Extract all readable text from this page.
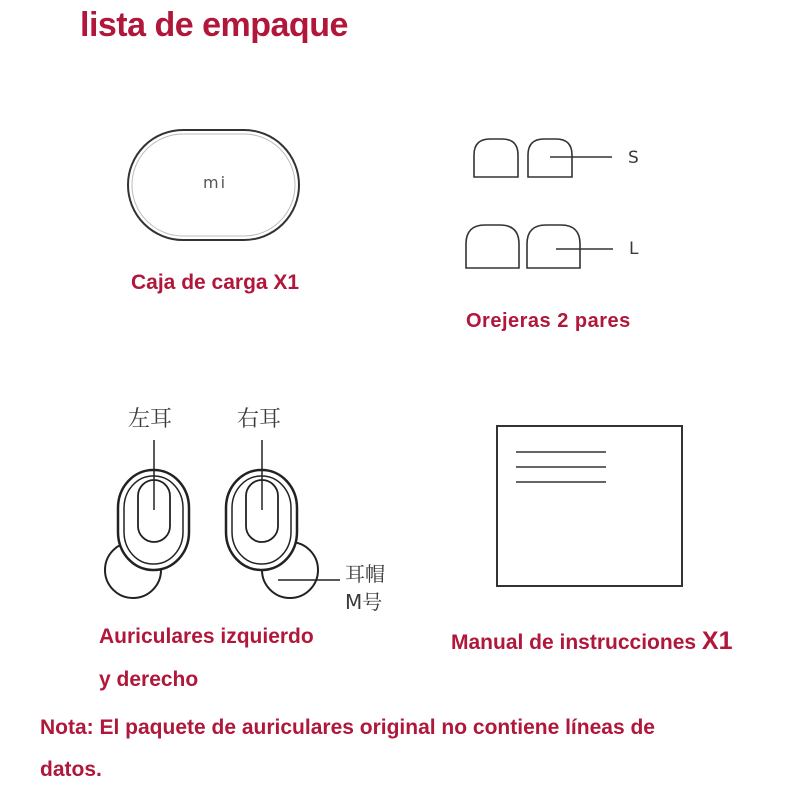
lista de empaque
mi
Caja de carga X1
S
L
Orejeras 2 pares
左耳	右耳
耳帽
M号
Auriculares izquierdo
y derecho
Manual de instrucciones X1
Nota: El paquete de auriculares original no contiene líneas de
datos.
